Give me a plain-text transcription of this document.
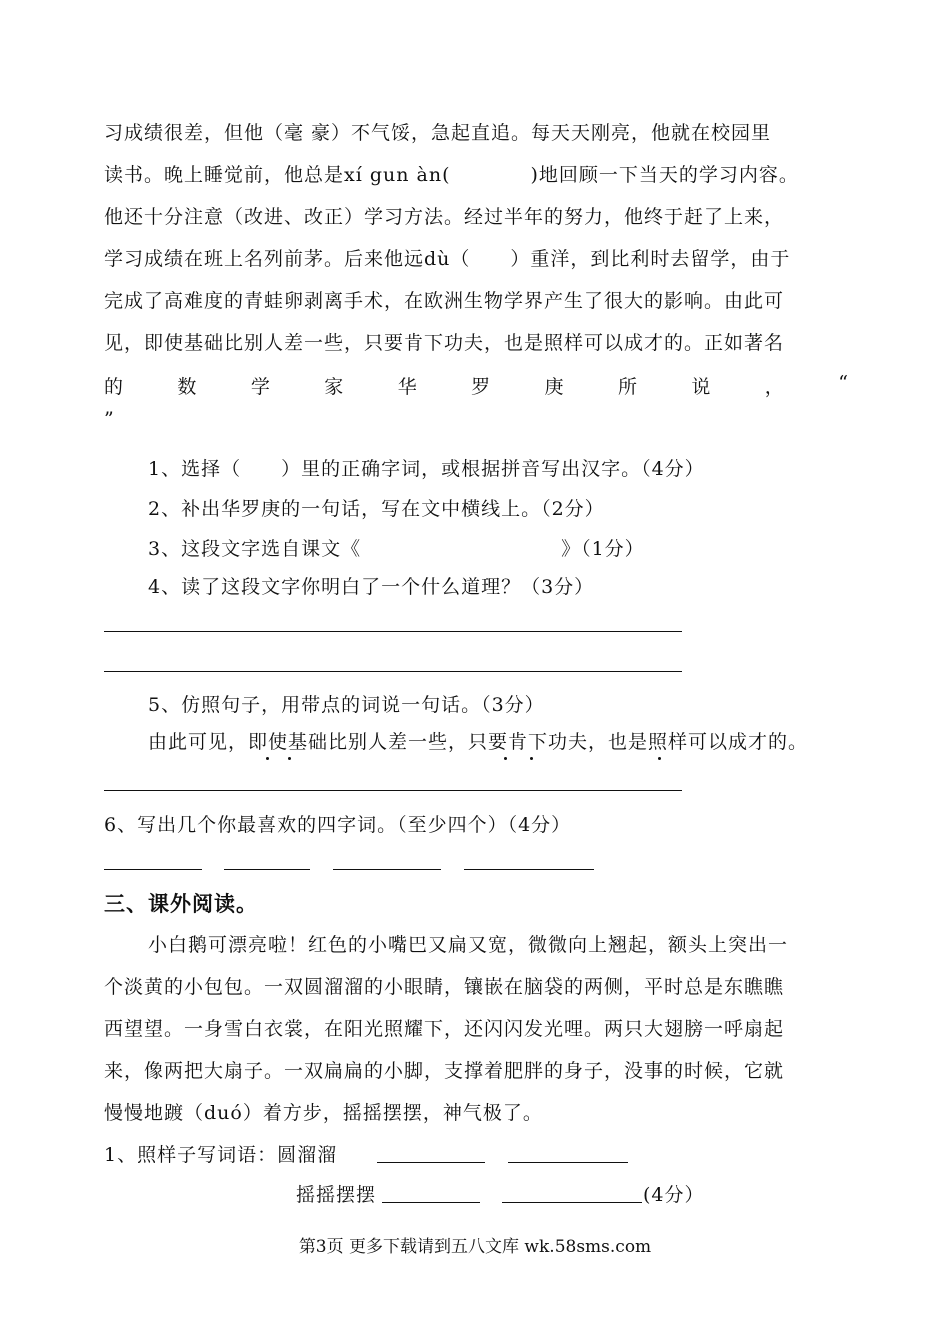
习成绩很差，但他（毫 豪）不气馁，急起直追。每天天刚亮，他就在校园里
读书。晚上睡觉前，他总是xí gun àn(　　　　)地回顾一下当天的学习内容。
他还十分注意（改进、改正）学习方法。经过半年的努力，他终于赶了上来，
学习成绩在班上名列前茅。后来他远dù（　　）重洋，到比利时去留学，由于
完成了高难度的青蛙卵剥离手术，在欧洲生物学界产生了很大的影响。由此可
见，即使基础比别人差一些，只要肯下功夫，也是照样可以成才的。正如著名
的	数	学	家	华	罗	庚	所	说	，	“
”
1、选择（　　）里的正确字词，或根据拼音写出汉字。（4分）
2、补出华罗庚的一句话，写在文中横线上。（2分）
3、这段文字选自课文《　　　　　　　　　　》（1分）
4、读了这段文字你明白了一个什么道理？（3分）
5、仿照句子，用带点的词说一句话。（3分）
由此可见，即使基础比别人差一些，只要肯下功夫，也是照样可以成才的。
6、写出几个你最喜欢的四字词。（至少四个）（4分）
三、课外阅读。
小白鹅可漂亮啦！红色的小嘴巴又扁又宽，微微向上翘起，额头上突出一
个淡黄的小包包。一双圆溜溜的小眼睛，镶嵌在脑袋的两侧，平时总是东瞧瞧
西望望。一身雪白衣裳，在阳光照耀下，还闪闪发光哩。两只大翅膀一呼扇起
来，像两把大扇子。一双扁扁的小脚，支撑着肥胖的身子，没事的时候，它就
慢慢地踱（duó）着方步，摇摇摆摆，神气极了。
1、照样子写词语：圆溜溜
摇摇摆摆	(4分）
第3页 更多下载请到五八文库 wk.58sms.com
